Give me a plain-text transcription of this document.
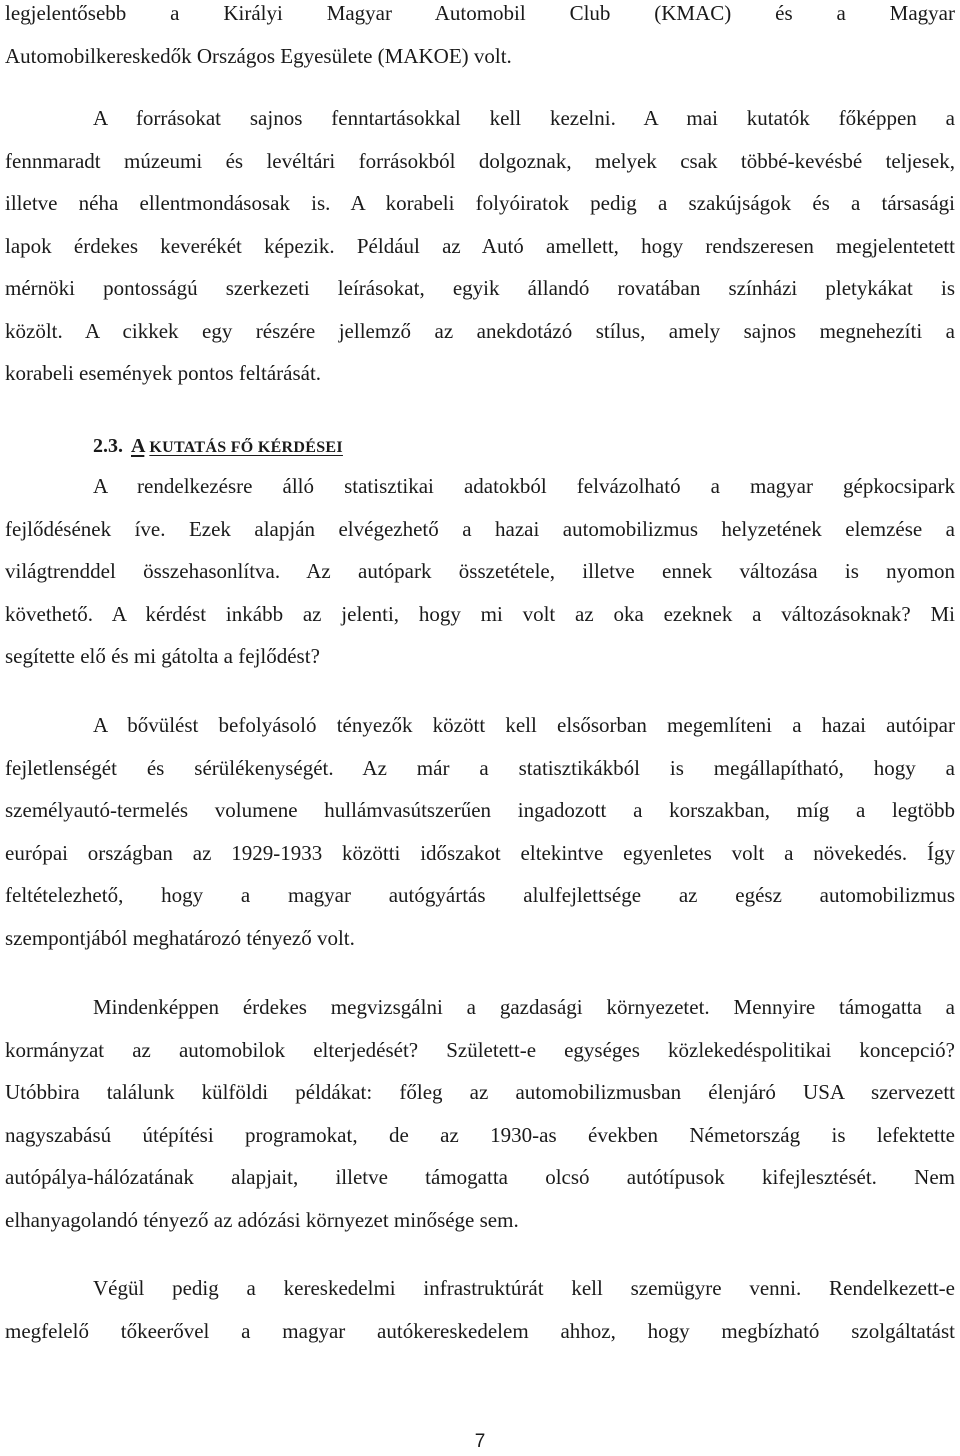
legjelentősebb a Királyi Magyar Automobil Club (KMAC) és a Magyar
Automobilkereskedők Országos Egyesülete (MAKOE) volt.
A forrásokat sajnos fenntartásokkal kell kezelni. A mai kutatók főképpen a
fennmaradt múzeumi és levéltári forrásokból dolgoznak, melyek csak többé-kevésbé teljesek,
illetve néha ellentmondásosak is. A korabeli folyóiratok pedig a szakújságok és a társasági
lapok érdekes keverékét képezik. Például az Autó amellett, hogy rendszeresen megjelentetett
mérnöki pontosságú szerkezeti leírásokat, egyik állandó rovatában színházi pletykákat is
közölt. A cikkek egy részére jellemző az anekdotázó stílus, amely sajnos megnehezíti a
korabeli események pontos feltárását.
2.3. A KUTATÁS FŐ KÉRDÉSEI
A rendelkezésre álló statisztikai adatokból felvázolható a magyar gépkocsipark
fejlődésének íve. Ezek alapján elvégezhető a hazai automobilizmus helyzetének elemzése a
világtrenddel összehasonlítva. Az autópark összetétele, illetve ennek változása is nyomon
követhető. A kérdést inkább az jelenti, hogy mi volt az oka ezeknek a változásoknak? Mi
segítette elő és mi gátolta a fejlődést?
A bővülést befolyásoló tényezők között kell elsősorban megemlíteni a hazai autóipar
fejletlenségét és sérülékenységét. Az már a statisztikákból is megállapítható, hogy a
személyautó-termelés volumene hullámvasútszerűen ingadozott a korszakban, míg a legtöbb
európai országban az 1929-1933 közötti időszakot eltekintve egyenletes volt a növekedés. Így
feltételezhető, hogy a magyar autógyártás alulfejlettsége az egész automobilizmus
szempontjából meghatározó tényező volt.
Mindenképpen érdekes megvizsgálni a gazdasági környezetet. Mennyire támogatta a
kormányzat az automobilok elterjedését? Született-e egységes közlekedéspolitikai koncepció?
Utóbbira találunk külföldi példákat: főleg az automobilizmusban élenjáró USA szervezett
nagyszabású útépítési programokat, de az 1930-as években Németország is lefektette
autópálya-hálózatának alapjait, illetve támogatta olcsó autótípusok kifejlesztését. Nem
elhanyagolandó tényező az adózási környezet minősége sem.
Végül pedig a kereskedelmi infrastruktúrát kell szemügyre venni. Rendelkezett-e
megfelelő tőkeerővel a magyar autókereskedelem ahhoz, hogy megbízható szolgáltatást
7
